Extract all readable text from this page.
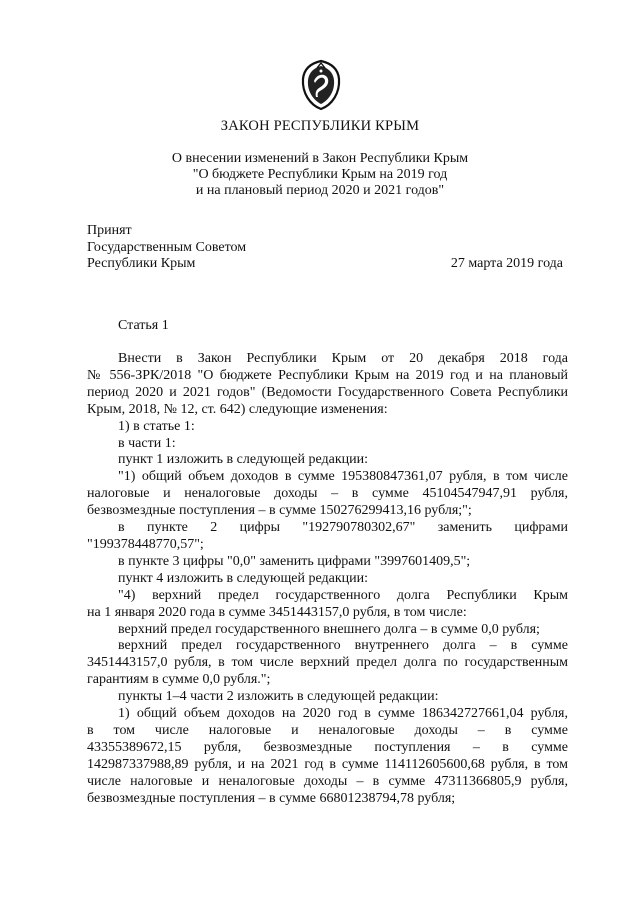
ЗАКОН РЕСПУБЛИКИ КРЫМ
О внесении изменений в Закон Республики Крым
"О бюджете Республики Крым на 2019 год
и на плановый период 2020 и 2021 годов"
Принят
Государственным Советом
Республики Крым	27 марта 2019 года
Статья 1
Внести в Закон Республики Крым от 20 декабря 2018 года
№ 556-ЗРК/2018 "О бюджете Республики Крым на 2019 год и на плановый
период 2020 и 2021 годов" (Ведомости Государственного Совета Республики
Крым, 2018, № 12, ст. 642) следующие изменения:
1) в статье 1:
в части 1:
пункт 1 изложить в следующей редакции:
"1) общий объем доходов в сумме 195380847361,07 рубля, в том числе
налоговые и неналоговые доходы – в сумме 45104547947,91 рубля,
безвозмездные поступления – в сумме 150276299413,16 рубля;";
в пункте 2 цифры "192790780302,67" заменить цифрами
"199378448770,57";
в пункте 3 цифры "0,0" заменить цифрами "3997601409,5";
пункт 4 изложить в следующей редакции:
"4) верхний предел государственного долга Республики Крым
на 1 января 2020 года в сумме 3451443157,0 рубля, в том числе:
верхний предел государственного внешнего долга – в сумме 0,0 рубля;
верхний предел государственного внутреннего долга – в сумме
3451443157,0 рубля, в том числе верхний предел долга по государственным
гарантиям в сумме 0,0 рубля.";
пункты 1–4 части 2 изложить в следующей редакции:
1) общий объем доходов на 2020 год в сумме 186342727661,04 рубля,
в том числе налоговые и неналоговые доходы – в сумме
43355389672,15 рубля, безвозмездные поступления – в сумме
142987337988,89 рубля, и на 2021 год в сумме 114112605600,68 рубля, в том
числе налоговые и неналоговые доходы – в сумме 47311366805,9 рубля,
безвозмездные поступления – в сумме 66801238794,78 рубля;
